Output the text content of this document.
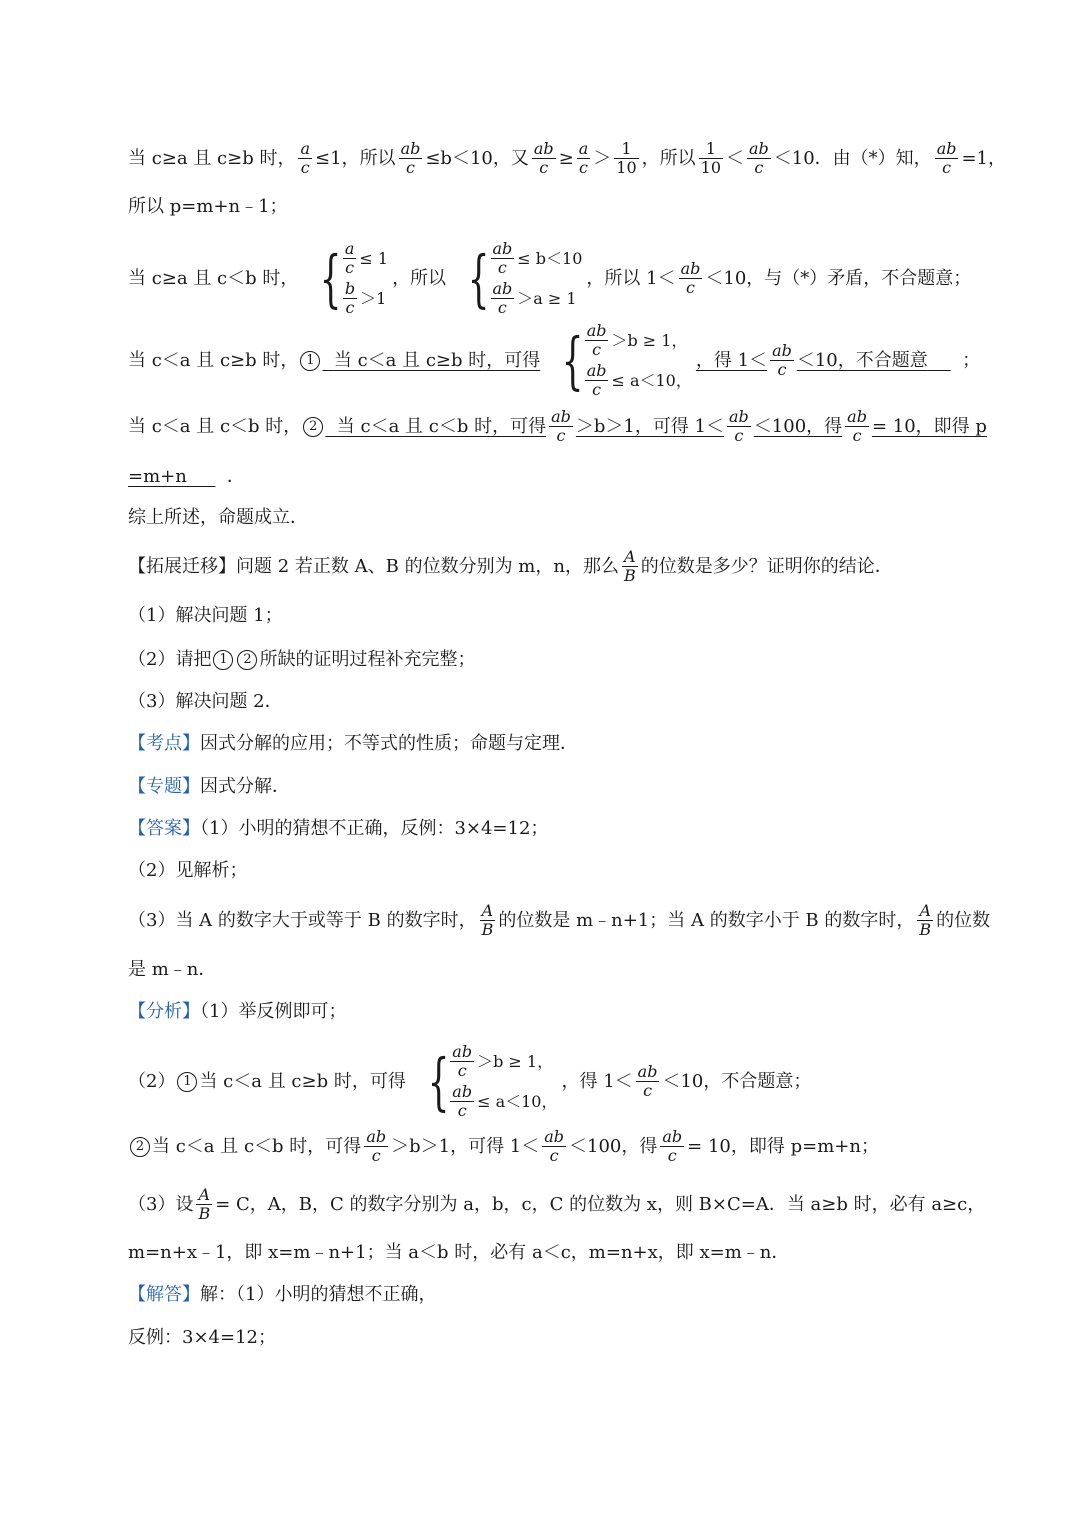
当 c≥a 且 c≥b 时， $\frac{a}{c} \le 1$，所以 $\frac{ab}{c} \le b<10$，又 $\frac{ab}{c} \ge \frac{a}{c} > \frac{1}{10}$ ，所以 $\frac{1}{10} < \frac{ab}{c} <10$．由（*）知， $\frac{ab}{c} =1$，
所以 p=m+n﹣1；
当 c≥a 且 c＜b 时， { $\frac{a}{c} \le 1$
$\frac{b}{c} >1$
，所以 { $\frac{ab}{c} \le b<10$
$\frac{ab}{c} >a \ge 1$
，所以 $1< \frac{ab}{c} <10$，与（*）矛盾，不合题意；
当 c＜a 且 c≥b 时， 1 当 c＜a 且 c≥b 时，可得 { $\frac{ab}{c} >b \ge 1$，
$\frac{ab}{c} \le a<10$，
，得 $1< \frac{ab}{c} <10$，不合题意 ；
当 c＜a 且 c＜b 时， 2 当 c＜a 且 c＜b 时，可得 $\frac{ab}{c} >b>1$，可得 $1< \frac{ab}{c} <100$，得 $\frac{ab}{c} = 10$，即得 p
=m+n ．
综上所述，命题成立．
【拓展迁移】问题 2 若正数 A、B 的位数分别为 m，n，那么 $\frac{A}{B}$ 的位数是多少？证明你的结论．
（1）解决问题 1；
（2）请把 1 2 所缺的证明过程补充完整；
（3）解决问题 2．
【考点】因式分解的应用；不等式的性质；命题与定理．
【专题】因式分解．
【答案】（1）小明的猜想不正确，反例：3×4=12；
（2）见解析；
（3）当 A 的数字大于或等于 B 的数字时， $\frac{A}{B}$ 的位数是 m﹣n+1；当 A 的数字小于 B 的数字时， $\frac{A}{B}$ 的位数
是 m﹣n．
【分析】（1）举反例即可；
（2） 1 当 c＜a 且 c≥b 时，可得 { $\frac{ab}{c} >b \ge 1$，
$\frac{ab}{c} \le a<10$，
，得 $1< \frac{ab}{c} <10$，不合题意；
2 当 c＜a 且 c＜b 时，可得 $\frac{ab}{c} >b>1$，可得 $1< \frac{ab}{c} <100$，得 $\frac{ab}{c} = 10$，即得 p=m+n；
（3）设 $\frac{A}{B} = C$，A，B，C 的数字分别为 a，b，c，C 的位数为 x，则 B×C=A．当 a≥b 时，必有 a≥c，
m=n+x﹣1，即 x=m﹣n+1；当 a＜b 时，必有 a＜c，m=n+x，即 x=m﹣n．
【解答】解：（1）小明的猜想不正确，
反例：3×4=12；
